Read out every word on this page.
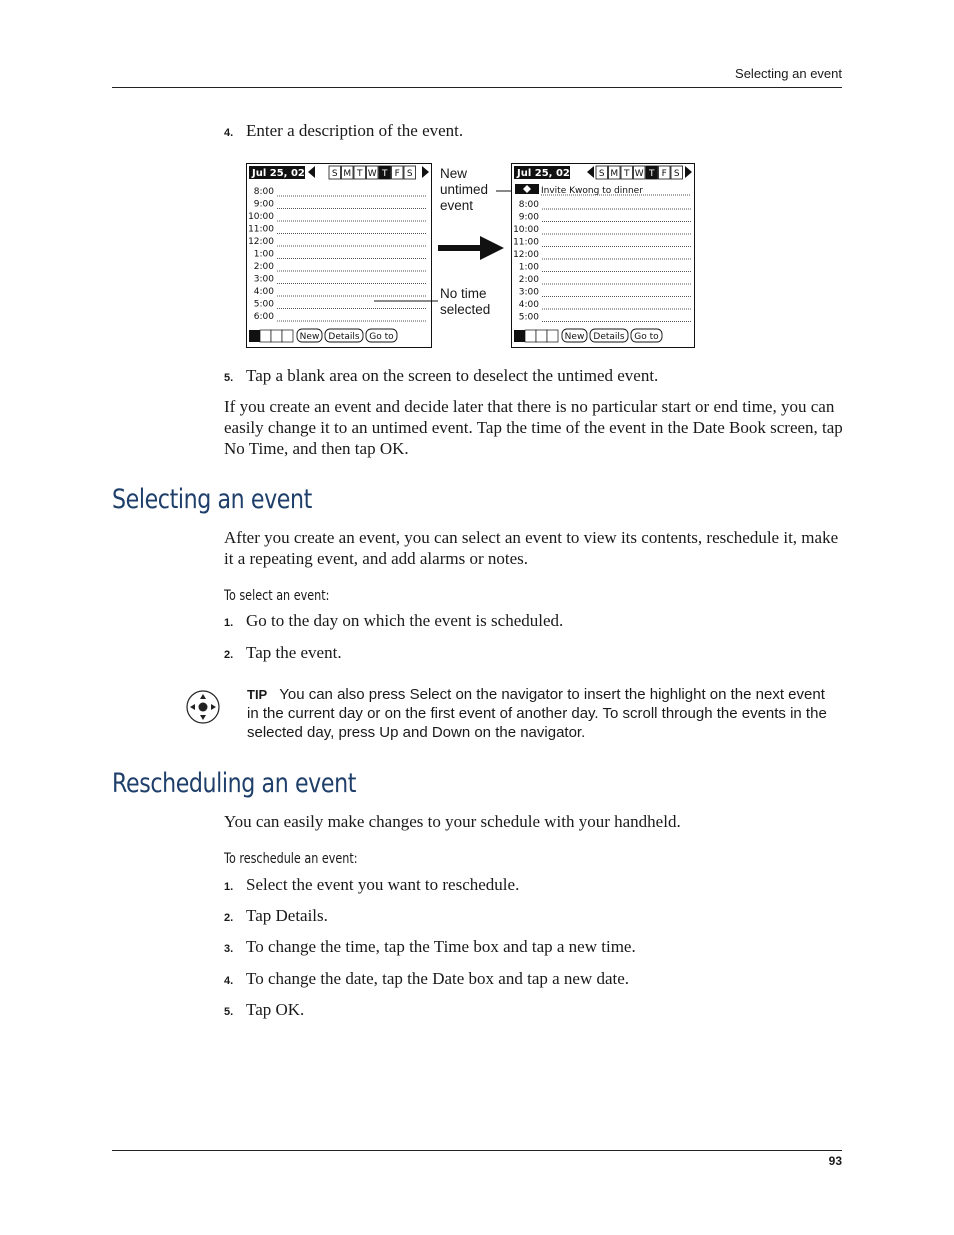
Selecting an event
4. Enter a description of the event.
Jul 25, 02	S M T W T F S
8:00
9:00
10:00
11:00
12:00
1:00
2:00
3:00
4:00
5:00
6:00
New Details Go to
Jul 25, 02	S M T W T F S
Invite Kwong to dinner
8:00
9:00
10:00
11:00
12:00
1:00
2:00
3:00
4:00
5:00
New Details Go to
New
untimed
event
No time
selected
5. Tap a blank area on the screen to deselect the untimed event.
If you create an event and decide later that there is no particular start or end time, you can easily change it to an untimed event. Tap the time of the event in the Date Book screen, tap No Time, and then tap OK.
Selecting an event
After you create an event, you can select an event to view its contents, reschedule it, make it a repeating event, and add alarms or notes.
To select an event:
1. Go to the day on which the event is scheduled.
2. Tap the event.
TIP You can also press Select on the navigator to insert the highlight on the next event in the current day or on the first event of another day. To scroll through the events in the selected day, press Up and Down on the navigator.
Rescheduling an event
You can easily make changes to your schedule with your handheld.
To reschedule an event:
1. Select the event you want to reschedule.
2. Tap Details.
3. To change the time, tap the Time box and tap a new time.
4. To change the date, tap the Date box and tap a new date.
5. Tap OK.
93
